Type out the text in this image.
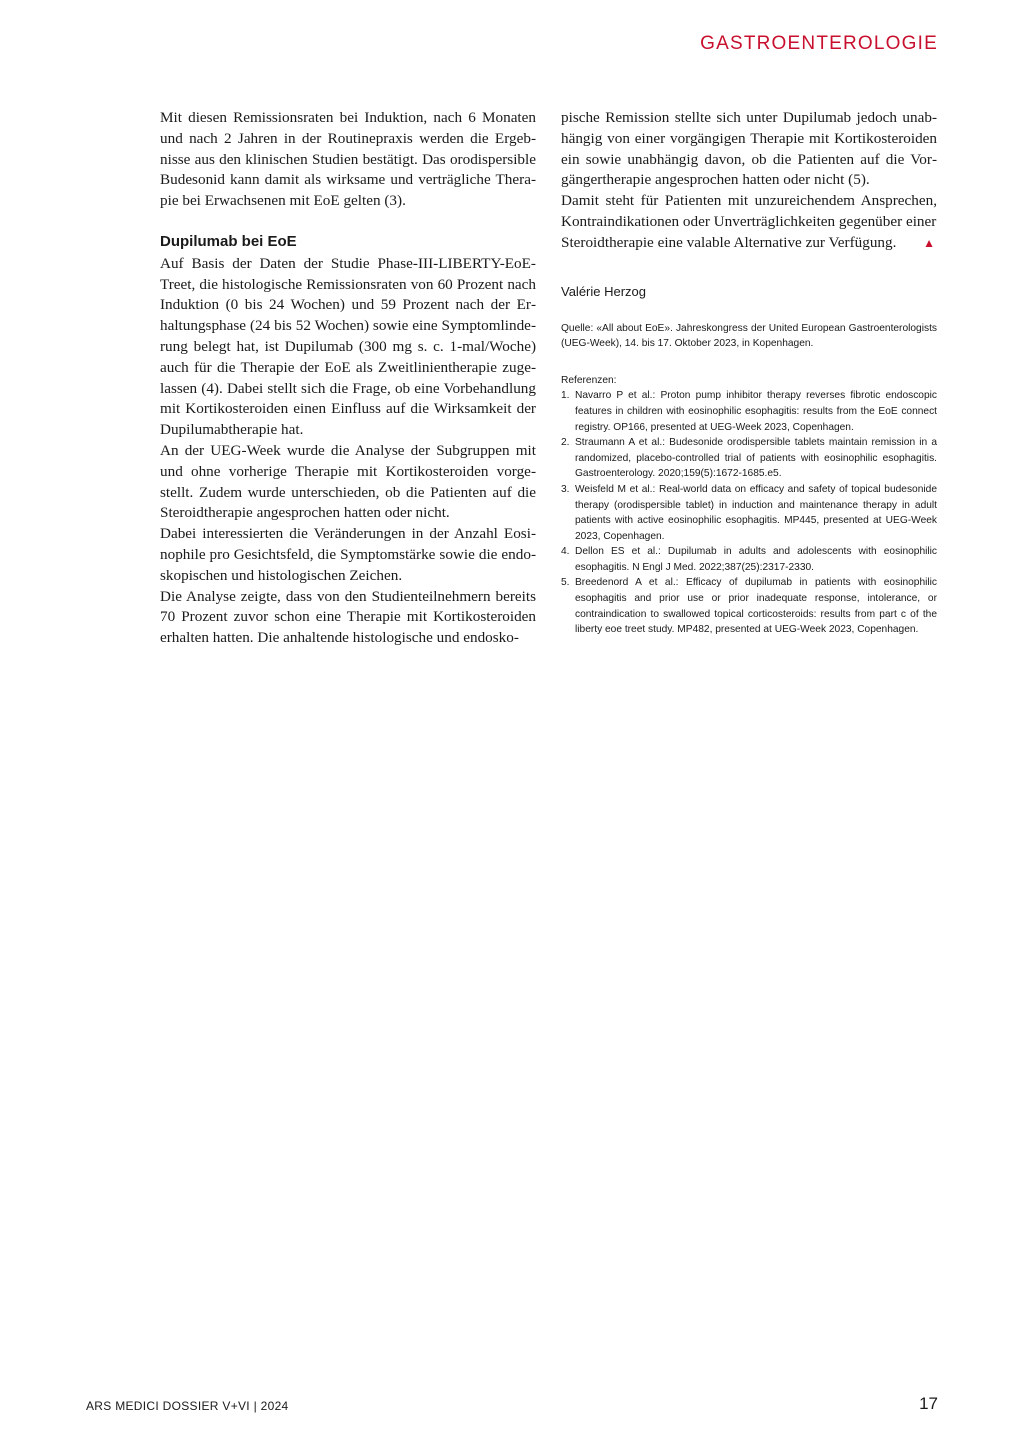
GASTROENTEROLOGIE

Mit diesen Remissionsraten bei Induktion, nach 6 Monaten und nach 2 Jahren in der Routinepraxis werden die Ergebnisse aus den klinischen Studien bestätigt. Das orodispersible Budesonid kann damit als wirksame und verträgliche Therapie bei Erwachsenen mit EoE gelten (3).

Dupilumab bei EoE

Auf Basis der Daten der Studie Phase-III-LIBERTY-EoE-Treet, die histologische Remissionsraten von 60 Prozent nach Induktion (0 bis 24 Wochen) und 59 Prozent nach der Erhaltungsphase (24 bis 52 Wochen) sowie eine Symptomlinderung belegt hat, ist Dupilumab (300 mg s. c. 1-mal/Woche) auch für die Therapie der EoE als Zweitlinientherapie zugelassen (4). Dabei stellt sich die Frage, ob eine Vorbehandlung mit Kortikosteroiden einen Einfluss auf die Wirksamkeit der Dupilumabtherapie hat.

An der UEG-Week wurde die Analyse der Subgruppen mit und ohne vorherige Therapie mit Kortikosteroiden vorgestellt. Zudem wurde unterschieden, ob die Patienten auf die Steroidtherapie angesprochen hatten oder nicht.

Dabei interessierten die Veränderungen in der Anzahl Eosinophile pro Gesichtsfeld, die Symptomstärke sowie die endoskopischen und histologischen Zeichen.

Die Analyse zeigte, dass von den Studienteilnehmern bereits 70 Prozent zuvor schon eine Therapie mit Kortikosteroiden erhalten hatten. Die anhaltende histologische und endosko-

pische Remission stellte sich unter Dupilumab jedoch unabhängig von einer vorgängigen Therapie mit Kortikosteroiden ein sowie unabhängig davon, ob die Patienten auf die Vorgängertherapie angesprochen hatten oder nicht (5).

Damit steht für Patienten mit unzureichendem Ansprechen, Kontraindikationen oder Unverträglichkeiten gegenüber einer

Steroidtherapie eine valable Alternative zur Verfügung. ▲

Valérie Herzog
Quelle: «All about EoE». Jahreskongress der United European Gastroenterologists (UEG-Week), 14. bis 17. Oktober 2023, in Kopenhagen.
Referenzen:
1. Navarro P et al.: Proton pump inhibitor therapy reverses fibrotic endoscopic features in children with eosinophilic esophagitis: results from the EoE connect registry. OP166, presented at UEG-Week 2023, Copenhagen.
2. Straumann A et al.: Budesonide orodispersible tablets maintain remission in a randomized, placebo-controlled trial of patients with eosinophilic esophagitis. Gastroenterology. 2020;159(5):1672-1685.e5.
3. Weisfeld M et al.: Real-world data on efficacy and safety of topical budesonide therapy (orodispersible tablet) in induction and maintenance therapy in adult patients with active eosinophilic esophagitis. MP445, presented at UEG-Week 2023, Copenhagen.
4. Dellon ES et al.: Dupilumab in adults and adolescents with eosinophilic esophagitis. N Engl J Med. 2022;387(25):2317-2330.
5. Breedenord A et al.: Efficacy of dupilumab in patients with eosinophilic esophagitis and prior use or prior inadequate response, intolerance, or contraindication to swallowed topical corticosteroids: results from part c of the liberty eoe treet study. MP482, presented at UEG-Week 2023, Copenhagen.
ARS MEDICI DOSSIER V+VI | 2024	17
